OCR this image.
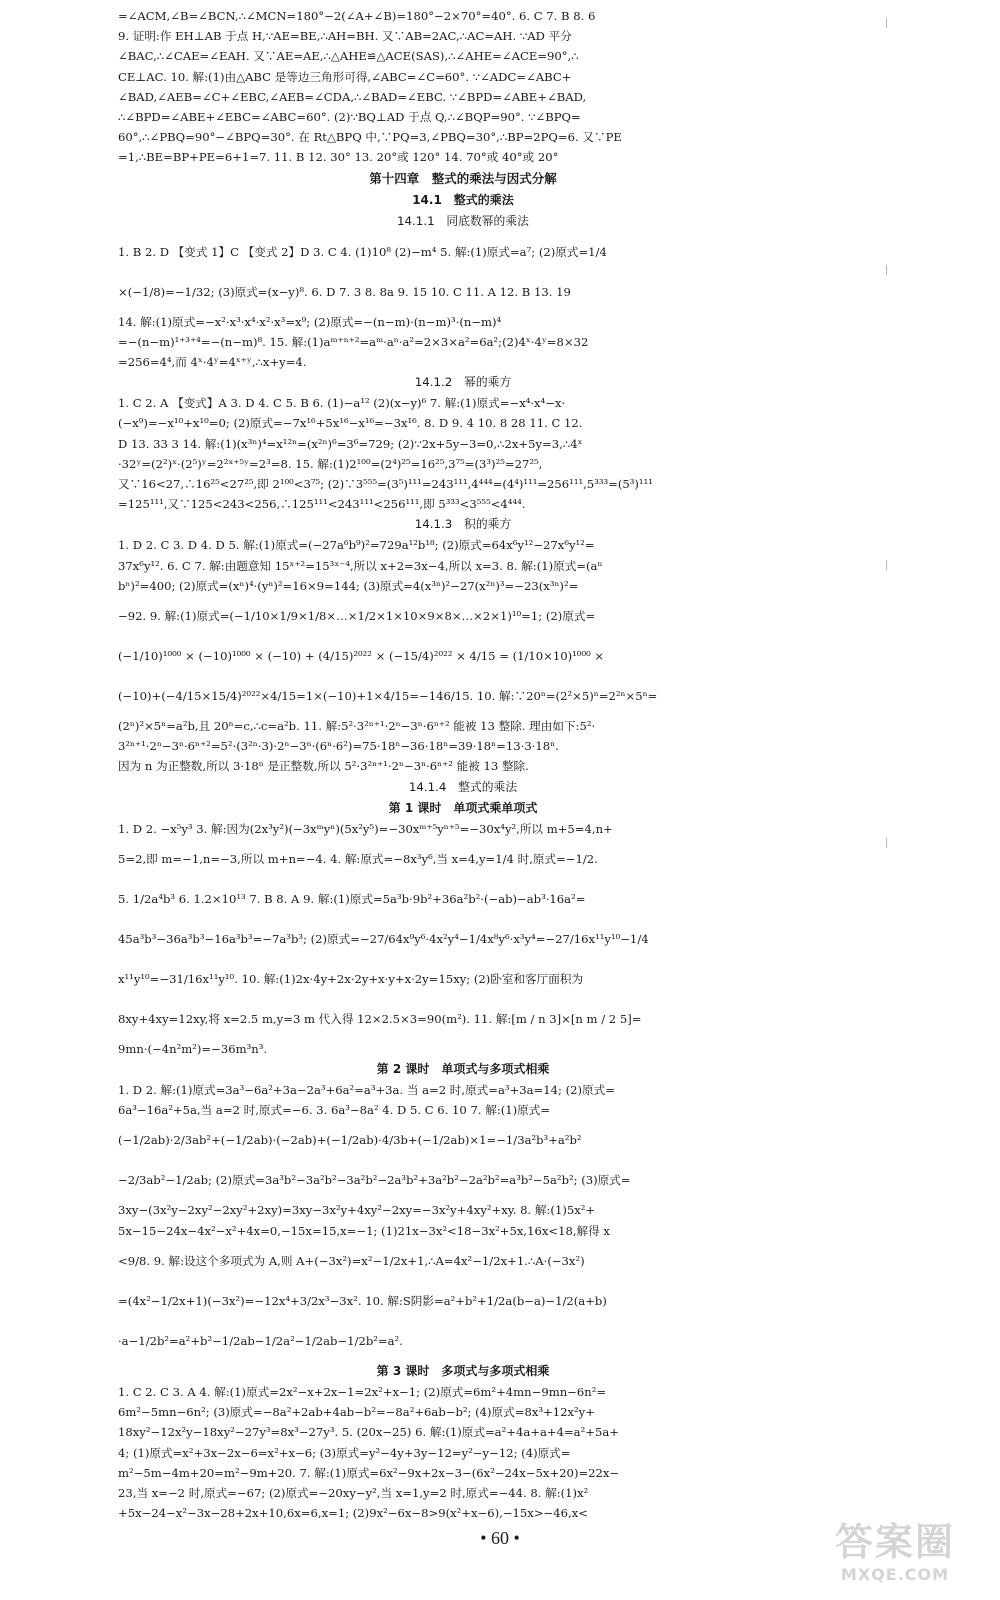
=∠ACM,∠B=∠BCN,∴∠MCN=180°−2(∠A+∠B)=180°−2×70°=40°. 6. C 7. B 8. 6
9. 证明:作 EH⊥AB 于点 H,∵AE=BE,∴AH=BH. 又∵AB=2AC,∴AC=AH. ∵AD 平分
∠BAC,∴∠CAE=∠EAH. 又∵AE=AE,∴△AHE≌△ACE(SAS),∴∠AHE=∠ACE=90°,∴
CE⊥AC. 10. 解:(1)由△ABC 是等边三角形可得,∠ABC=∠C=60°. ∵∠ADC=∠ABC+
∠BAD,∠AEB=∠C+∠EBC,∠AEB=∠CDA,∴∠BAD=∠EBC. ∵∠BPD=∠ABE+∠BAD,
∴∠BPD=∠ABE+∠EBC=∠ABC=60°. (2)∵BQ⊥AD 于点 Q,∴∠BQP=90°. ∵∠BPQ=
60°,∴∠PBQ=90°−∠BPQ=30°. 在 Rt△BPQ 中,∵PQ=3,∠PBQ=30°,∴BP=2PQ=6. 又∵PE
=1,∴BE=BP+PE=6+1=7. 11. B 12. 30° 13. 20°或 120° 14. 70°或 40°或 20°
第十四章　整式的乘法与因式分解
14.1　整式的乘法
14.1.1　同底数幂的乘法
1. B 2. D 【变式 1】C 【变式 2】D 3. C 4. (1)10⁸ (2)−m⁴ 5. 解:(1)原式=a⁷; (2)原式=1/4
×(−1/8)=−1/32; (3)原式=(x−y)⁸. 6. D 7. 3 8. 8a 9. 15 10. C 11. A 12. B 13. 19
14. 解:(1)原式=−x²·x³·x⁴·x²·x³=x⁹; (2)原式=−(n−m)·(n−m)³·(n−m)⁴
=−(n−m)¹⁺³⁺⁴=−(n−m)⁸. 15. 解:(1)aᵐ⁺ⁿ⁺²=aᵐ·aⁿ·a²=2×3×a²=6a²;(2)4ˣ·4ʸ=8×32
=256=4⁴,而 4ˣ·4ʸ=4ˣ⁺ʸ,∴x+y=4.
14.1.2　幂的乘方
1. C 2. A 【变式】A 3. D 4. C 5. B 6. (1)−a¹² (2)(x−y)⁶ 7. 解:(1)原式=−x⁴·x⁴−x·
(−x⁹)=−x¹⁰+x¹⁰=0; (2)原式=−7x¹⁶+5x¹⁶−x¹⁶=−3x¹⁶. 8. D 9. 4 10. 8 28 11. C 12.
D 13. 33 3 14. 解:(1)(x³ⁿ)⁴=x¹²ⁿ=(x²ⁿ)⁶=3⁶=729; (2)∵2x+5y−3=0,∴2x+5y=3,∴4ˣ
·32ʸ=(2²)ˣ·(2⁵)ʸ=2²ˣ⁺⁵ʸ=2³=8. 15. 解:(1)2¹⁰⁰=(2⁴)²⁵=16²⁵,3⁷⁵=(3³)²⁵=27²⁵,
又∵16<27,∴16²⁵<27²⁵,即 2¹⁰⁰<3⁷⁵; (2)∵3⁵⁵⁵=(3⁵)¹¹¹=243¹¹¹,4⁴⁴⁴=(4⁴)¹¹¹=256¹¹¹,5³³³=(5³)¹¹¹
=125¹¹¹,又∵125<243<256,∴125¹¹¹<243¹¹¹<256¹¹¹,即 5³³³<3⁵⁵⁵<4⁴⁴⁴.
14.1.3　积的乘方
1. D 2. C 3. D 4. D 5. 解:(1)原式=(−27a⁶b⁹)²=729a¹²b¹⁸; (2)原式=64x⁶y¹²−27x⁶y¹²=
37x⁶y¹². 6. C 7. 解:由题意知 15ˣ⁺²=15³ˣ⁻⁴,所以 x+2=3x−4,所以 x=3. 8. 解:(1)原式=(aⁿ
bⁿ)²=400; (2)原式=(xⁿ)⁴·(yⁿ)²=16×9=144; (3)原式=4(x³ⁿ)²−27(x²ⁿ)³=−23(x³ⁿ)²=
−92. 9. 解:(1)原式=(−1/10×1/9×1/8×…×1/2×1×10×9×8×…×2×1)¹⁰=1; (2)原式=
(−1/10)¹⁰⁰⁰ × (−10)¹⁰⁰⁰ × (−10) + (4/15)²⁰²² × (−15/4)²⁰²² × 4/15 = (1/10×10)¹⁰⁰⁰ ×
(−10)+(−4/15×15/4)²⁰²²×4/15=1×(−10)+1×4/15=−146/15. 10. 解:∵20ⁿ=(2²×5)ⁿ=2²ⁿ×5ⁿ=
(2ⁿ)²×5ⁿ=a²b,且 20ⁿ=c,∴c=a²b. 11. 解:5²·3²ⁿ⁺¹·2ⁿ−3ⁿ·6ⁿ⁺² 能被 13 整除. 理由如下:5²·
3²ⁿ⁺¹·2ⁿ−3ⁿ·6ⁿ⁺²=5²·(3²ⁿ·3)·2ⁿ−3ⁿ·(6ⁿ·6²)=75·18ⁿ−36·18ⁿ=39·18ⁿ=13·3·18ⁿ.
因为 n 为正整数,所以 3·18ⁿ 是正整数,所以 5²·3²ⁿ⁺¹·2ⁿ−3ⁿ·6ⁿ⁺² 能被 13 整除.
14.1.4　整式的乘法
第 1 课时　单项式乘单项式
1. D 2. −x⁵y³ 3. 解:因为(2x³y²)(−3xᵐyⁿ)(5x²y⁵)=−30xᵐ⁺⁵yⁿ⁺⁵=−30x⁴y²,所以 m+5=4,n+
5=2,即 m=−1,n=−3,所以 m+n=−4. 4. 解:原式=−8x³y⁶,当 x=4,y=1/4 时,原式=−1/2.
5. 1/2a⁴b³ 6. 1.2×10¹³ 7. B 8. A 9. 解:(1)原式=5a³b·9b²+36a²b²·(−ab)−ab³·16a²=
45a³b³−36a³b³−16a³b³=−7a³b³; (2)原式=−27/64x⁹y⁶·4x²y⁴−1/4x⁸y⁶·x³y⁴=−27/16x¹¹y¹⁰−1/4
x¹¹y¹⁰=−31/16x¹¹y¹⁰. 10. 解:(1)2x·4y+2x·2y+x·y+x·2y=15xy; (2)卧室和客厅面积为
8xy+4xy=12xy,将 x=2.5 m,y=3 m 代入得 12×2.5×3=90(m²). 11. 解:[m / n 3]×[n m / 2 5]=
9mn·(−4n²m²)=−36m³n³.
第 2 课时　单项式与多项式相乘
1. D 2. 解:(1)原式=3a³−6a²+3a−2a³+6a²=a³+3a. 当 a=2 时,原式=a³+3a=14; (2)原式=
6a³−16a²+5a,当 a=2 时,原式=−6. 3. 6a³−8a² 4. D 5. C 6. 10 7. 解:(1)原式=
(−1/2ab)·2/3ab²+(−1/2ab)·(−2ab)+(−1/2ab)·4/3b+(−1/2ab)×1=−1/3a²b³+a²b²
−2/3ab²−1/2ab; (2)原式=3a³b²−3a²b²−3a²b²−2a³b²+3a²b²−2a²b²=a³b²−5a²b²; (3)原式=
3xy−(3x²y−2xy²−2xy²+2xy)=3xy−3x²y+4xy²−2xy=−3x²y+4xy²+xy. 8. 解:(1)5x²+
5x−15−24x−4x²−x²+4x=0,−15x=15,x=−1; (1)21x−3x²<18−3x²+5x,16x<18,解得 x
<9/8. 9. 解:设这个多项式为 A,则 A+(−3x²)=x²−1/2x+1,∴A=4x²−1/2x+1.∴A·(−3x²)
=(4x²−1/2x+1)(−3x²)=−12x⁴+3/2x³−3x². 10. 解:S阴影=a²+b²+1/2a(b−a)−1/2(a+b)
·a−1/2b²=a²+b²−1/2ab−1/2a²−1/2ab−1/2b²=a².
第 3 课时　多项式与多项式相乘
1. C 2. C 3. A 4. 解:(1)原式=2x²−x+2x−1=2x²+x−1; (2)原式=6m²+4mn−9mn−6n²=
6m²−5mn−6n²; (3)原式=−8a²+2ab+4ab−b²=−8a²+6ab−b²; (4)原式=8x³+12x²y+
18xy²−12x²y−18xy²−27y³=8x³−27y³. 5. (20x−25) 6. 解:(1)原式=a²+4a+a+4=a²+5a+
4; (1)原式=x²+3x−2x−6=x²+x−6; (3)原式=y²−4y+3y−12=y²−y−12; (4)原式=
m²−5m−4m+20=m²−9m+20. 7. 解:(1)原式=6x²−9x+2x−3−(6x²−24x−5x+20)=22x−
23,当 x=−2 时,原式=−67; (2)原式=−20xy−y²,当 x=1,y=2 时,原式=−44. 8. 解:(1)x²
+5x−24−x²−3x−28+2x+10,6x=6,x=1; (2)9x²−6x−8>9(x²+x−6),−15x>−46,x<
• 60 •	答案圈
MXQE.COM
